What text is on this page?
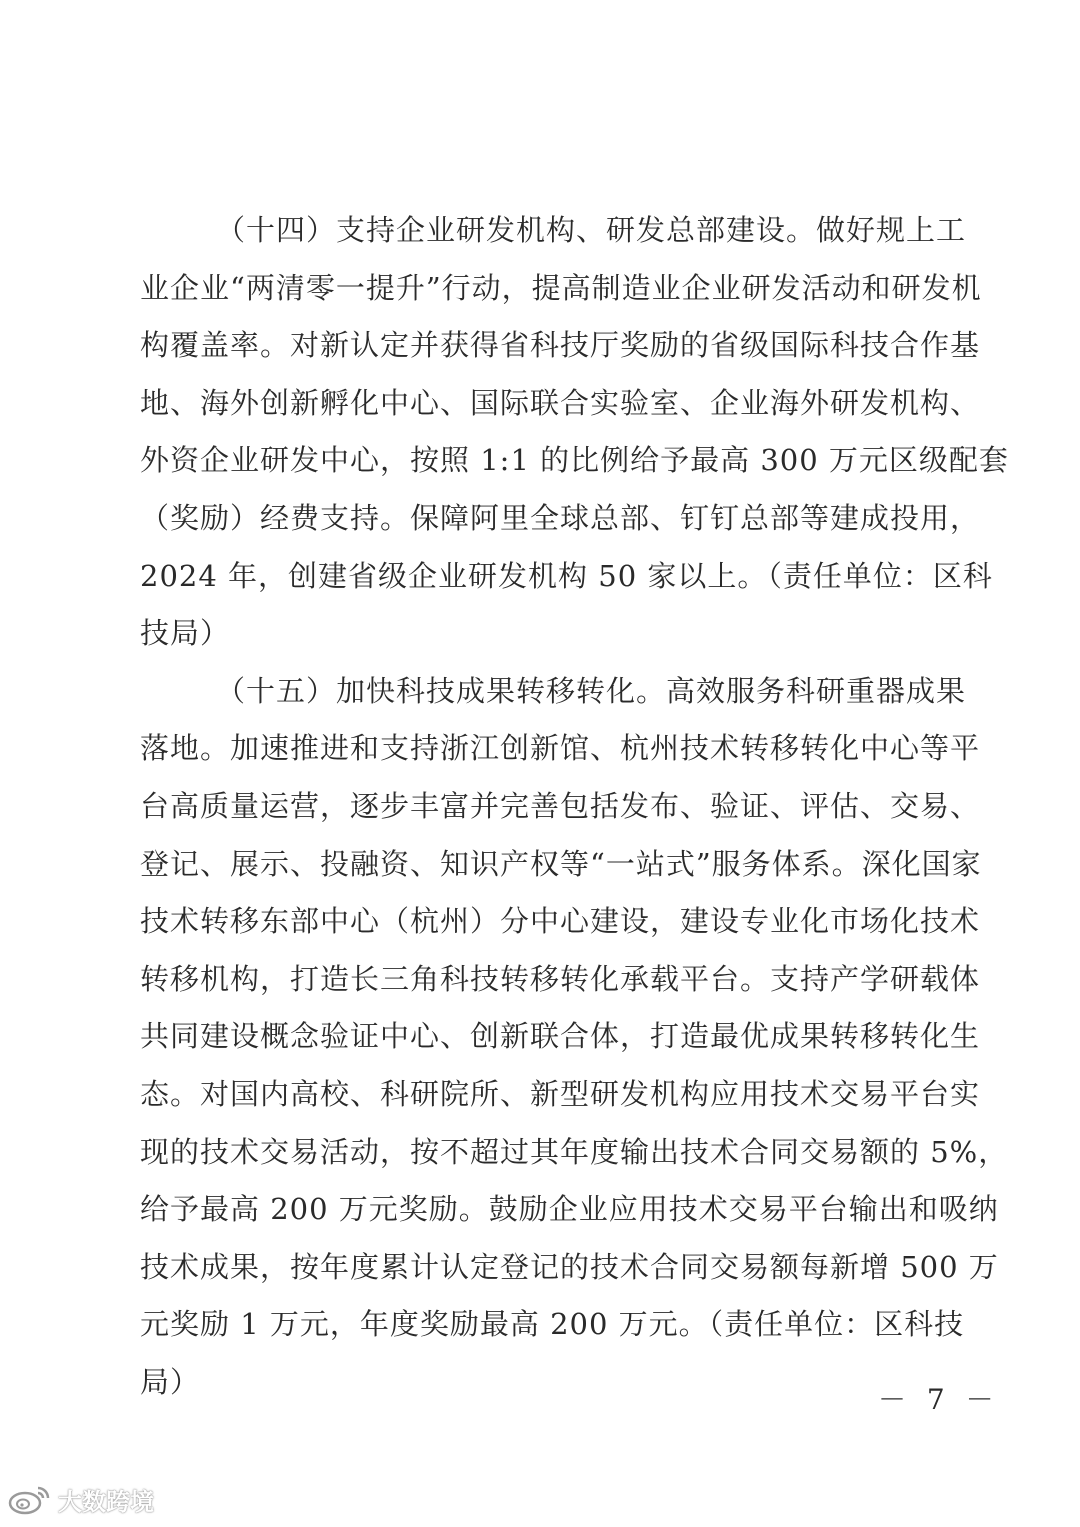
（十四）支持企业研发机构、研发总部建设。做好规上工
业企业“两清零一提升”行动，提高制造业企业研发活动和研发机
构覆盖率。对新认定并获得省科技厅奖励的省级国际科技合作基
地、海外创新孵化中心、国际联合实验室、企业海外研发机构、
外资企业研发中心，按照 1:1 的比例给予最高 300 万元区级配套
（奖励）经费支持。保障阿里全球总部、钉钉总部等建成投用，
2024 年，创建省级企业研发机构 50 家以上。（责任单位：区科
技局）
（十五）加快科技成果转移转化。高效服务科研重器成果
落地。加速推进和支持浙江创新馆、杭州技术转移转化中心等平
台高质量运营，逐步丰富并完善包括发布、验证、评估、交易、
登记、展示、投融资、知识产权等“一站式”服务体系。深化国家
技术转移东部中心（杭州）分中心建设，建设专业化市场化技术
转移机构，打造长三角科技转移转化承载平台。支持产学研载体
共同建设概念验证中心、创新联合体，打造最优成果转移转化生
态。对国内高校、科研院所、新型研发机构应用技术交易平台实
现的技术交易活动，按不超过其年度输出技术合同交易额的 5%，
给予最高 200 万元奖励。鼓励企业应用技术交易平台输出和吸纳
技术成果，按年度累计认定登记的技术合同交易额每新增 500 万
元奖励 1 万元，年度奖励最高 200 万元。（责任单位：区科技
局）
－ 7 －
大数跨境
